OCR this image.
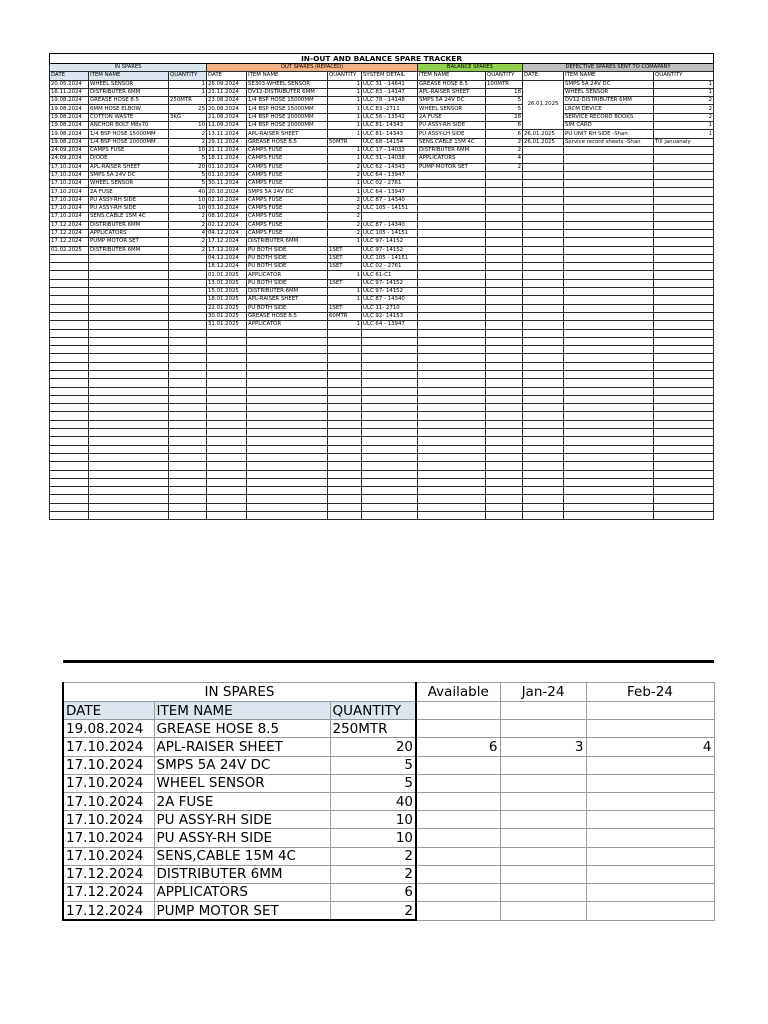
IN-OUT AND BALANCE SPARE TRACKER											
IN SPARES			OUT SPARES (REPACED)				BALANCE SPARES		DEFECTIVE SPARES SENT TO COMAPANY		
DATE	ITEM NAME	QUANTITY	DATE	ITEM NAME	QUANTITY	SYSTEM DETAIL	ITEM NAME	QUANTITY	DATE	ITEM NAME	QUANTITY
20.05.2024	WHEEL SENSOR	1	26.09.2024	SE303-WHEEL SENSOR	1	ULC 31 - 14641	GREASE HOSE 8.5	100MTR	26.01.2025	SMPS 5A 24V DC	1
16.11.2024	DISTRIBUTER 6MM	1	21.11.2024	DV12-DISTRIBUTER 6MM	1	ULC 83 - 14147	APL-RAISER SHEET	18		WHEEL SENSOR	1
19.08.2024	GREASE HOSE 8.5	250MTR	23.08.2024	1/4 BSP HOSE 15000MM	1	ULC 78 - 14148	SMPS 5A 24V DC	5		DV12-DISTRIBUTER 6MM	2
19.08.2024	6MM HOSE ELBOW	25	20.08.2024	1/4 BSP HOSE 15000MM	1	ULC 83 -2711	WHEEL SENSOR	5		LRCM DEVICE	2
19.08.2024	COTTON WASTE	3KG	21.08.2024	1/4 BSP HOSE 20000MM	1	ULC 56 - 13542	2A FUSE	28		SERVICE RECORD BOOKS	2
19.08.2024	ANCHOR BOLT M8x70	10	11.09.2024	1/4 BSP HOSE 20000MM	1	ULC 81- 14343	PU ASSY-RH SIDE	6		SIM CARD	1
19.08.2024	1/4 BSP HOSE 15000MM	2	13.11.2024	APL-RAISER SHEET	1	ULC 81- 14343	PU ASSY-LH SIDE	6	26.01.2025	PU UNIT RH SIDE -Shan	1
19.08.2024	1/4 BSP HOSE 20000MM	2	29.11.2024	GREASE HOSE 8.5	50MTR	ULC 68 -14154	SENS.CABLE 15M 4C	2	26.01.2025	Service record sheets -Shan	Till januanaly
24.09.2024	CAMPS FUSE	10	21.11.2024	CAMPS FUSE	1	ULC 17 - 14033	DISTRIBUTER 6MM	2			
24.09.2024	DIODE	5	18.11.2024	CAMPS FUSE	1	ULC 31 - 14038	APPLICATORS	4			
17.10.2024	APL-RAISER SHEET	20	01.10.2024	CAMPS FUSE	2	ULC 62 - 14343	PUMP MOTOR SET	2			
17.10.2024	SMPS 5A 24V DC	5	01.10.2024	CAMPS FUSE	2	ULC 64 - 13947					
17.10.2024	WHEEL SENSOR	5	30.11.2024	CAMPS FUSE	1	ULC 02 - 2761					
17.10.2024	2A FUSE	40	20.10.2024	SMPS 5A 24V DC	1	ULC 64 - 13947					
17.10.2024	PU ASSY-RH SIDE	10	02.10.2024	CAMPS FUSE	2	ULC 87 - 14340					
17.10.2024	PU ASSY-RH SIDE	10	03.10.2024	CAMPS FUSE	2	ULC 105 - 14151					
17.10.2024	SENS.CABLE 15M 4C	2	08.10.2024	CAMPS FUSE	2						
17.12.2024	DISTRIBUTER 6MM	2	02.12.2024	CAMPS FUSE	2	ULC 87 - 14340					
17.12.2024	APPLICATORS	4	04.12.2024	CAMPS FUSE	2	ULC 105 - 14151					
17.12.2024	PUMP MOTOR SET	2	17.12.2024	DISTRIBUTER 6MM	1	ULC 97- 14152					
01.02.2025	DISTRIBUTER 6MM	2	17.12.2024	PU BOTH SIDE	1SET	ULC 97- 14152					
			04.12.2024	PU BOTH SIDE	1SET	ULC 105 - 14151					
			18.12.2024	PU BOTH SIDE	1SET	ULC 02 - 2761					
			01.01.2025	APPLICATOR	1	ULC 61-C1					
			13.01.2025	PU BOTH SIDE	1SET	ULC 97- 14152					
			15.01.2025	DISTRIBUTER 6MM	1	ULC 97- 14152					
			18.01.2025	APL-RAISER SHEET	1	ULC 87 - 14340					
			22.01.2025	PU BOTH SIDE	1SET	ULC 11- 2710					
			30.01.2025	GREASE HOSE 8.5	60MTR	ULC 92- 14153					
			31.01.2025	APPLICATOR	1	ULC 64 - 13947					

IN SPARES			Available	Jan-24	Feb-24
DATE	ITEM NAME	QUANTITY			
19.08.2024	GREASE HOSE 8.5	250MTR			
17.10.2024	APL-RAISER SHEET	20	6	3	4
17.10.2024	SMPS 5A 24V DC	5			
17.10.2024	WHEEL SENSOR	5			
17.10.2024	2A FUSE	40			
17.10.2024	PU ASSY-RH SIDE	10			
17.10.2024	PU ASSY-RH SIDE	10			
17.10.2024	SENS,CABLE 15M 4C	2			
17.12.2024	DISTRIBUTER 6MM	2			
17.12.2024	APPLICATORS	6			
17.12.2024	PUMP MOTOR SET	2			
